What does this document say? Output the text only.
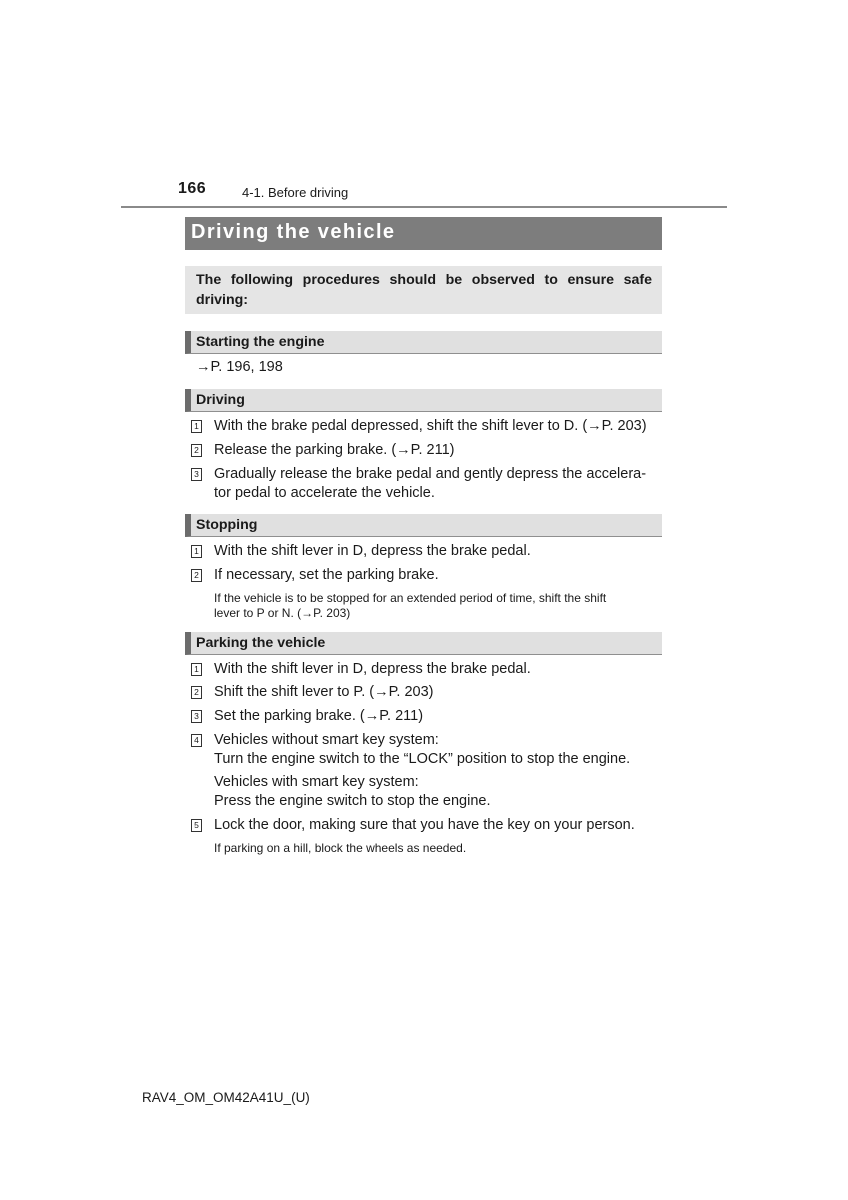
166	4-1. Before driving
Driving the vehicle
The following procedures should be observed to ensure safe driving:
Starting the engine
→P. 196, 198
Driving
1 With the brake pedal depressed, shift the shift lever to D. (→P. 203)
2 Release the parking brake. (→P. 211)
3 Gradually release the brake pedal and gently depress the accelera-
tor pedal to accelerate the vehicle.
Stopping
1 With the shift lever in D, depress the brake pedal.
2 If necessary, set the parking brake.
If the vehicle is to be stopped for an extended period of time, shift the shift
lever to P or N. (→P. 203)
Parking the vehicle
1 With the shift lever in D, depress the brake pedal.
2 Shift the shift lever to P. (→P. 203)
3 Set the parking brake. (→P. 211)
4 Vehicles without smart key system:
Turn the engine switch to the “LOCK” position to stop the engine.
Vehicles with smart key system:
Press the engine switch to stop the engine.
5 Lock the door, making sure that you have the key on your person.
If parking on a hill, block the wheels as needed.
RAV4_OM_OM42A41U_(U)
